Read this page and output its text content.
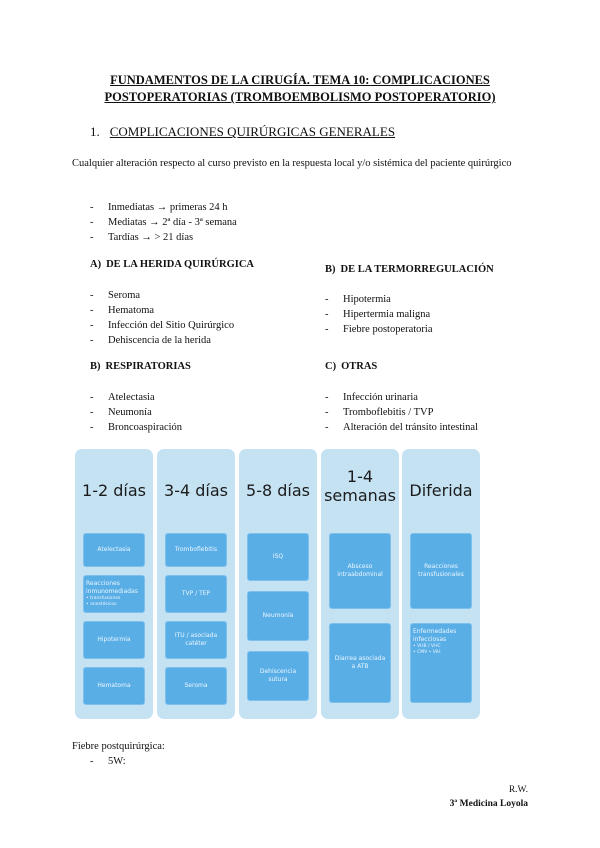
FUNDAMENTOS DE LA CIRUGÍA. TEMA 10: COMPLICACIONES
POSTOPERATORIAS (TROMBOEMBOLISMO POSTOPERATORIO)
1. COMPLICACIONES QUIRÚRGICAS GENERALES
Cualquier alteración respecto al curso previsto en la respuesta local y/o sistémica del paciente quirúrgico
- Inmediatas → primeras 24 h
- Mediatas → 2ª día - 3ª semana
- Tardías → > 21 días
A) DE LA HERIDA QUIRÚRGICA
- Seroma
- Hematoma
- Infección del Sitio Quirúrgico
- Dehiscencia de la herida
B) RESPIRATORIAS
- Atelectasia
- Neumonía
- Broncoaspiración
B) DE LA TERMORREGULACIÓN
- Hipotermia
- Hipertermia maligna
- Fiebre postoperatoria
C) OTRAS
- Infección urinaria
- Tromboflebitis / TVP
- Alteración del tránsito intestinal
1-2 días
Atelectasia
Reacciones inmunomediadas
• transfusiones
• anestésicos
Hipotermia
Hematoma
3-4 días
Tromboflebitis
TVP / TEP
ITU / asociada catéter
Seroma
5-8 días
ISQ
Neumonía
Dehiscencia sutura
1-4
semanas
Absceso intraabdominal
Diarrea asociada a ATB
Diferida
Reacciones transfusionales
Enfermedades infecciosas
• VHB / VHC
• CMV • VIH
Fiebre postquirúrgica:
- 5W:
R.W.
3ª Medicina Loyola
